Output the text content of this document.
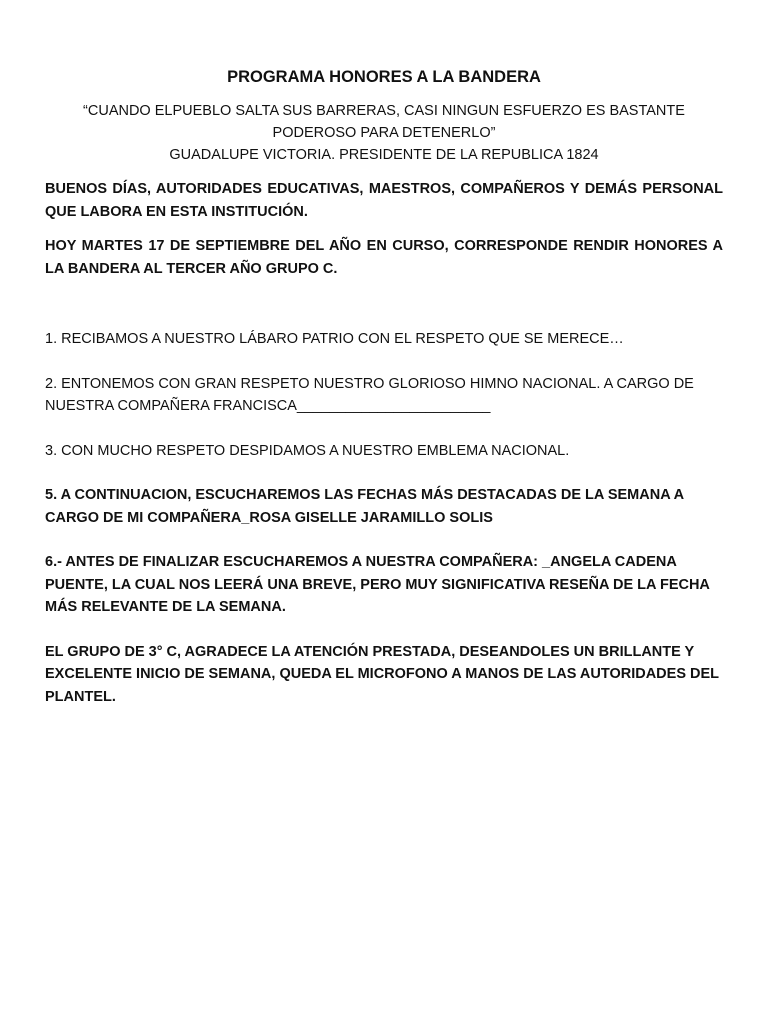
PROGRAMA HONORES A LA BANDERA
“CUANDO ELPUEBLO SALTA SUS BARRERAS, CASI NINGUN ESFUERZO ES BASTANTE PODEROSO PARA DETENERLO”
GUADALUPE VICTORIA. PRESIDENTE DE LA REPUBLICA 1824

BUENOS DÍAS, AUTORIDADES EDUCATIVAS, MAESTROS, COMPAÑEROS Y DEMÁS PERSONAL QUE LABORA EN ESTA INSTITUCIÓN.

HOY MARTES 17 DE SEPTIEMBRE DEL AÑO EN CURSO, CORRESPONDE RENDIR HONORES A LA BANDERA AL TERCER AÑO GRUPO C.

1. RECIBAMOS A NUESTRO LÁBARO PATRIO CON EL RESPETO QUE SE MERECE…

2. ENTONEMOS CON GRAN RESPETO NUESTRO GLORIOSO HIMNO NACIONAL. A CARGO DE NUESTRA COMPAÑERA FRANCISCA________________________

3. CON MUCHO RESPETO DESPIDAMOS A NUESTRO EMBLEMA NACIONAL.

5. A CONTINUACION, ESCUCHAREMOS LAS FECHAS MÁS DESTACADAS DE LA SEMANA A CARGO DE MI COMPAÑERA_ROSA GISELLE JARAMILLO SOLIS

6.- ANTES DE FINALIZAR ESCUCHAREMOS A NUESTRA COMPAÑERA: _ANGELA CADENA PUENTE, LA CUAL NOS LEERÁ UNA BREVE, PERO MUY SIGNIFICATIVA RESEÑA DE LA FECHA MÁS RELEVANTE DE LA SEMANA.

EL GRUPO DE 3° C, AGRADECE LA ATENCIÓN PRESTADA, DESEANDOLES UN BRILLANTE Y EXCELENTE INICIO DE SEMANA, QUEDA EL MICROFONO A MANOS DE LAS AUTORIDADES DEL PLANTEL.
